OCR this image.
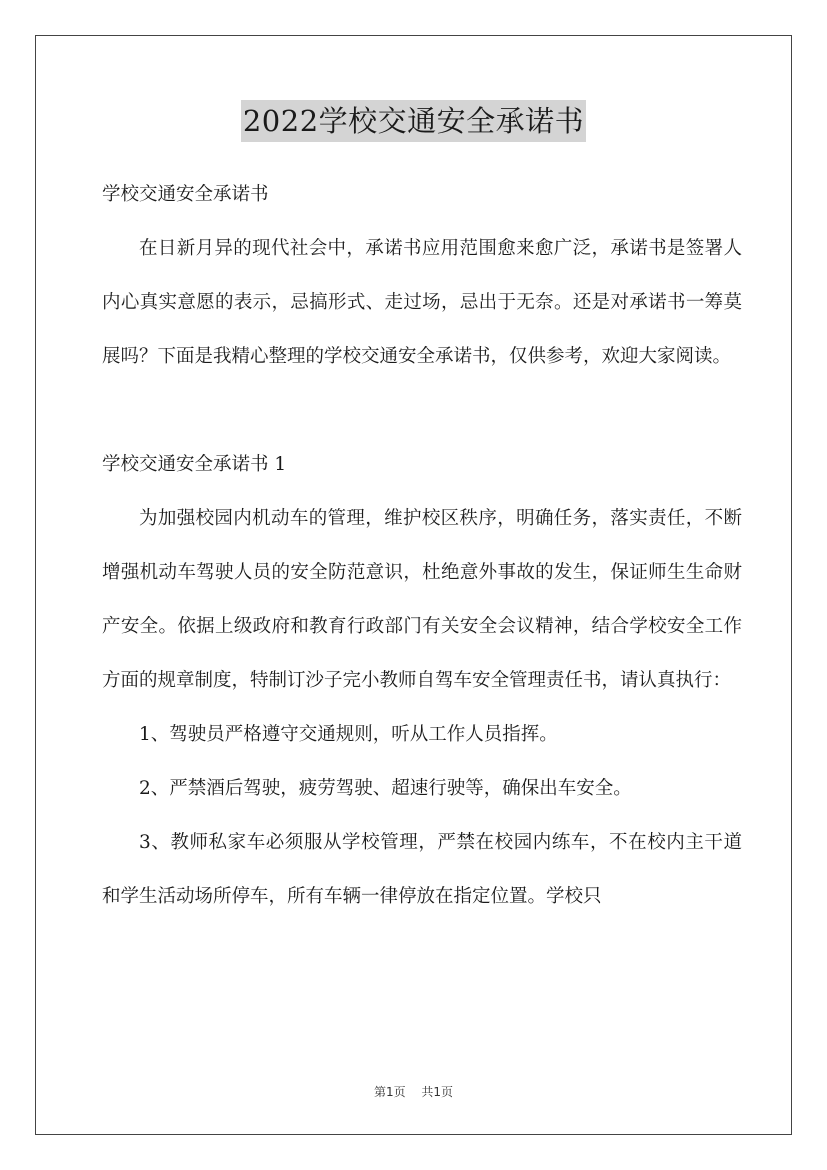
2022学校交通安全承诺书

学校交通安全承诺书

在日新月异的现代社会中，承诺书应用范围愈来愈广泛，承诺书是签署人内心真实意愿的表示，忌搞形式、走过场，忌出于无奈。还是对承诺书一筹莫展吗？下面是我精心整理的学校交通安全承诺书，仅供参考，欢迎大家阅读。

学校交通安全承诺书 1

为加强校园内机动车的管理，维护校区秩序，明确任务，落实责任，不断增强机动车驾驶人员的安全防范意识，杜绝意外事故的发生，保证师生生命财产安全。依据上级政府和教育行政部门有关安全会议精神，结合学校安全工作方面的规章制度，特制订沙子完小教师自驾车安全管理责任书，请认真执行：

1、驾驶员严格遵守交通规则，听从工作人员指挥。

2、严禁酒后驾驶，疲劳驾驶、超速行驶等，确保出车安全。

3、教师私家车必须服从学校管理，严禁在校园内练车，不在校内主干道和学生活动场所停车，所有车辆一律停放在指定位置。学校只

第1页 共1页
